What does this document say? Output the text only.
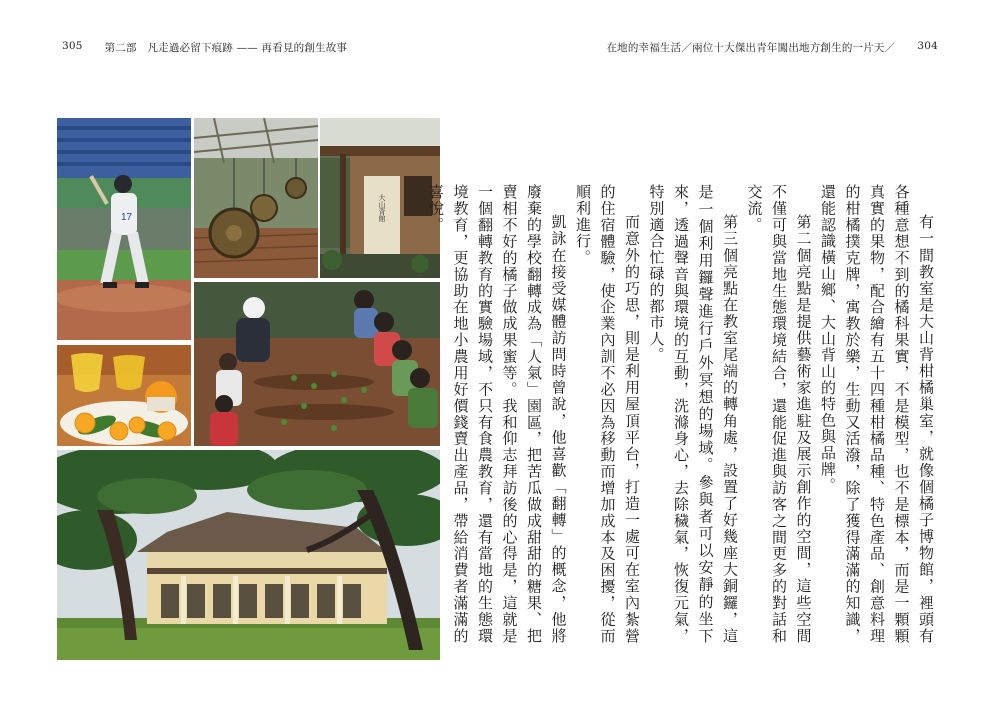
305 第二部　凡走過必留下痕跡 —— 再看見的創生故事	在地的幸福生活／兩位十大傑出青年闖出地方創生的一片天／ 304
17	大山背館

有一間教室是大山背柑橘巢室，就像個橘子博物館，裡頭有各種意想不到的橘科果實，不是模型，也不是標本，而是一顆顆真實的果物，配合繪有五十四種柑橘品種、特色產品、創意料理的柑橘撲克牌，寓教於樂，生動又活潑，除了獲得滿滿的知識，還能認識橫山鄉、大山背山的特色與品牌。

第二個亮點是提供藝術家進駐及展示創作的空間，這些空間不僅可與當地生態環境結合，還能促進與訪客之間更多的對話和交流。

第三個亮點在教室尾端的轉角處，設置了好幾座大銅鑼，這是一個利用鑼聲進行戶外冥想的場域。參與者可以安靜的坐下來，透過聲音與環境的互動，洗滌身心，去除穢氣，恢復元氣，特別適合忙碌的都市人。

而意外的巧思，則是利用屋頂平台，打造一處可在室內紮營的住宿體驗，使企業內訓不必因為移動而增加成本及困擾，從而順利進行。

凱詠在接受媒體訪問時曾說，他喜歡「翻轉」的概念，他將廢棄的學校翻轉成為「人氣」園區，把苦瓜做成甜甜的糖果、把賣相不好的橘子做成果蜜等。我和仰志拜訪後的心得是，這就是一個翻轉教育的實驗場域，不只有食農教育，還有當地的生態環境教育，更協助在地小農用好價錢賣出產品，帶給消費者滿滿的喜悅。
